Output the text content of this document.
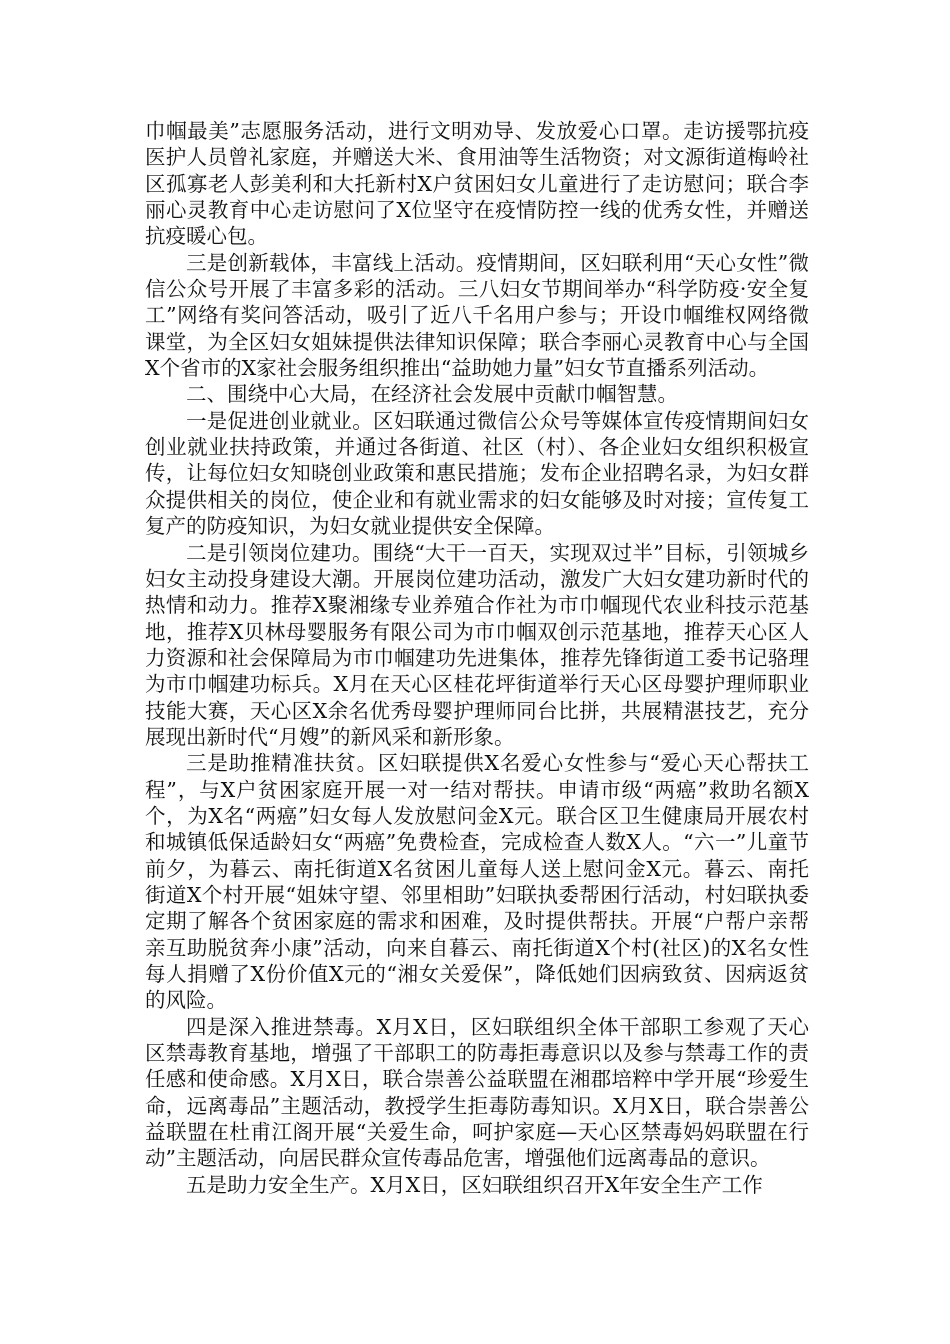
巾帼最美”志愿服务活动，进行文明劝导、发放爱心口罩。走访援鄂抗疫医护人员曾礼家庭，并赠送大米、食用油等生活物资；对文源街道梅岭社区孤寡老人彭美利和大托新村X户贫困妇女儿童进行了走访慰问；联合李丽心灵教育中心走访慰问了X位坚守在疫情防控一线的优秀女性，并赠送抗疫暖心包。

三是创新载体，丰富线上活动。疫情期间，区妇联利用“天心女性”微信公众号开展了丰富多彩的活动。三八妇女节期间举办“科学防疫·安全复工”网络有奖问答活动，吸引了近八千名用户参与；开设巾帼维权网络微课堂，为全区妇女姐妹提供法律知识保障；联合李丽心灵教育中心与全国X个省市的X家社会服务组织推出“益助她力量”妇女节直播系列活动。

二、围绕中心大局，在经济社会发展中贡献巾帼智慧。

一是促进创业就业。区妇联通过微信公众号等媒体宣传疫情期间妇女创业就业扶持政策，并通过各街道、社区（村）、各企业妇女组织积极宣传，让每位妇女知晓创业政策和惠民措施；发布企业招聘名录，为妇女群众提供相关的岗位，使企业和有就业需求的妇女能够及时对接；宣传复工复产的防疫知识，为妇女就业提供安全保障。

二是引领岗位建功。围绕“大干一百天，实现双过半”目标，引领城乡妇女主动投身建设大潮。开展岗位建功活动，激发广大妇女建功新时代的热情和动力。推荐X聚湘缘专业养殖合作社为市巾帼现代农业科技示范基地，推荐X贝林母婴服务有限公司为市巾帼双创示范基地，推荐天心区人力资源和社会保障局为市巾帼建功先进集体，推荐先锋街道工委书记骆理为市巾帼建功标兵。X月在天心区桂花坪街道举行天心区母婴护理师职业技能大赛，天心区X余名优秀母婴护理师同台比拼，共展精湛技艺，充分展现出新时代“月嫂”的新风采和新形象。

三是助推精准扶贫。区妇联提供X名爱心女性参与“爱心天心帮扶工程”，与X户贫困家庭开展一对一结对帮扶。申请市级“两癌”救助名额X个，为X名“两癌”妇女每人发放慰问金X元。联合区卫生健康局开展农村和城镇低保适龄妇女“两癌”免费检查，完成检查人数X人。“六一”儿童节前夕，为暮云、南托街道X名贫困儿童每人送上慰问金X元。暮云、南托街道X个村开展“姐妹守望、邻里相助”妇联执委帮困行活动，村妇联执委定期了解各个贫困家庭的需求和困难，及时提供帮扶。开展“户帮户亲帮亲互助脱贫奔小康”活动，向来自暮云、南托街道X个村(社区)的X名女性每人捐赠了X份价值X元的“湘女关爱保”，降低她们因病致贫、因病返贫的风险。

四是深入推进禁毒。X月X日，区妇联组织全体干部职工参观了天心区禁毒教育基地，增强了干部职工的防毒拒毒意识以及参与禁毒工作的责任感和使命感。X月X日，联合崇善公益联盟在湘郡培粹中学开展“珍爱生命，远离毒品”主题活动，教授学生拒毒防毒知识。X月X日，联合崇善公益联盟在杜甫江阁开展“关爱生命，呵护家庭—天心区禁毒妈妈联盟在行动”主题活动，向居民群众宣传毒品危害，增强他们远离毒品的意识。

五是助力安全生产。X月X日，区妇联组织召开X年安全生产工作
